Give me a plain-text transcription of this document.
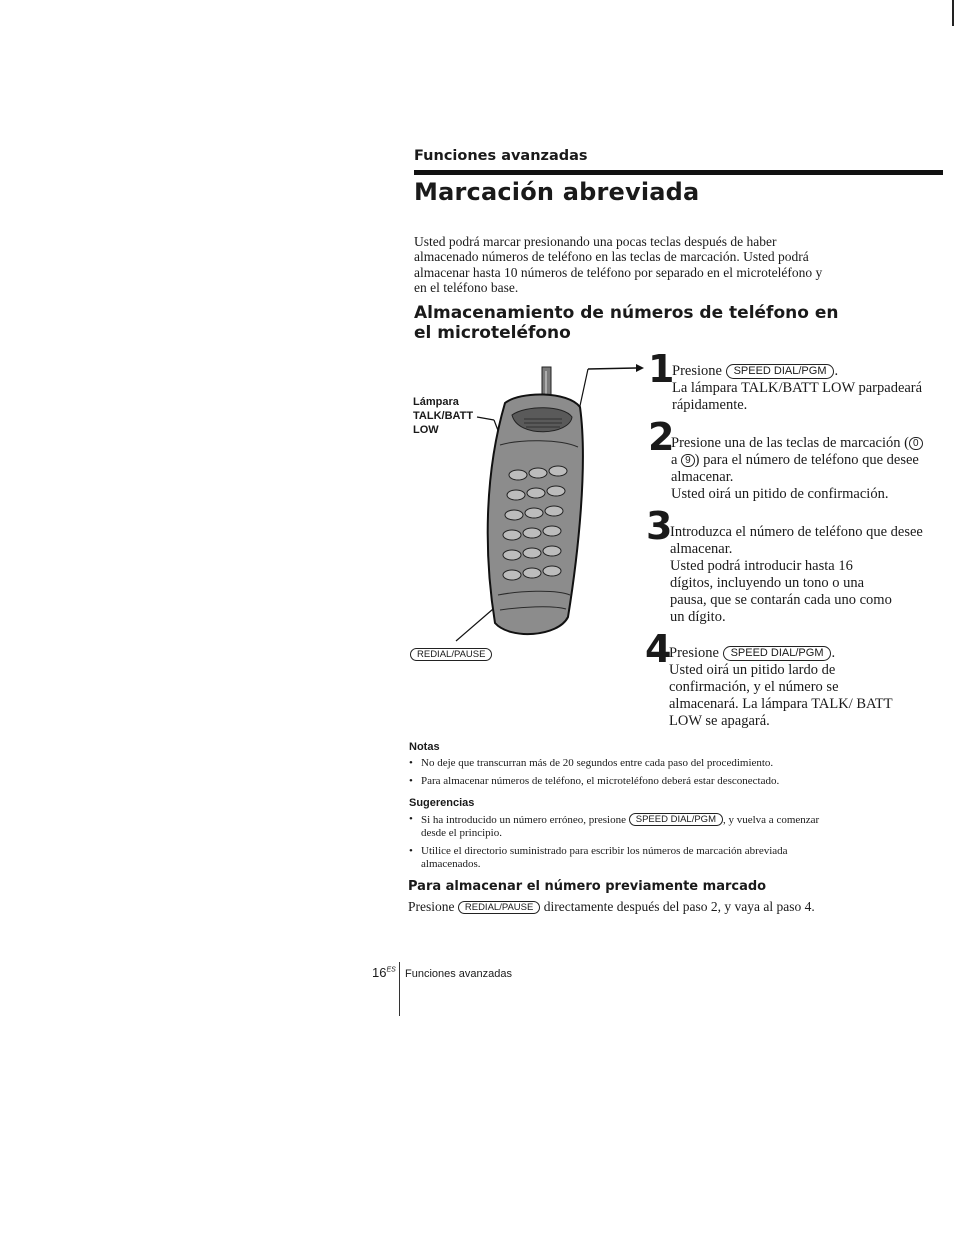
Funciones avanzadas
Marcación abreviada

Usted podrá marcar presionando una pocas teclas después de haber almacenado números de teléfono en las teclas de marcación. Usted podrá almacenar hasta 10 números de teléfono por separado en el microteléfono y en el teléfono base.

Almacenamiento de números de teléfono en el microteléfono
Lámpara
TALK/BATT
LOW
REDIAL/PAUSE
1
Presione SPEED DIAL/PGM .
La lámpara TALK/BATT LOW parpadeará rápidamente.
2
Presione una de las teclas de marcación ( 0 a 9 ) para el número de teléfono que desee almacenar.
Usted oirá un pitido de confirmación.
3
Introduzca el número de teléfono que desee almacenar.
Usted podrá introducir hasta 16 dígitos, incluyendo un tono o una pausa, que se contarán cada uno como un dígito.
4
Presione SPEED DIAL/PGM .
Usted oirá un pitido lardo de confirmación, y el número se almacenará. La lámpara TALK/ BATT LOW se apagará.
Notas
• No deje que transcurran más de 20 segundos entre cada paso del procedimiento.
• Para almacenar números de teléfono, el microteléfono deberá estar desconectado.
Sugerencias
• Si ha introducido un número erróneo, presione SPEED DIAL/PGM , y vuelva a comenzar desde el principio.
• Utilice el directorio suministrado para escribir los números de marcación abreviada almacenados.
Para almacenar el número previamente marcado
Presione REDIAL/PAUSE directamente después del paso 2, y vaya al paso 4.
$16^{ES}$ Funciones avanzadas
